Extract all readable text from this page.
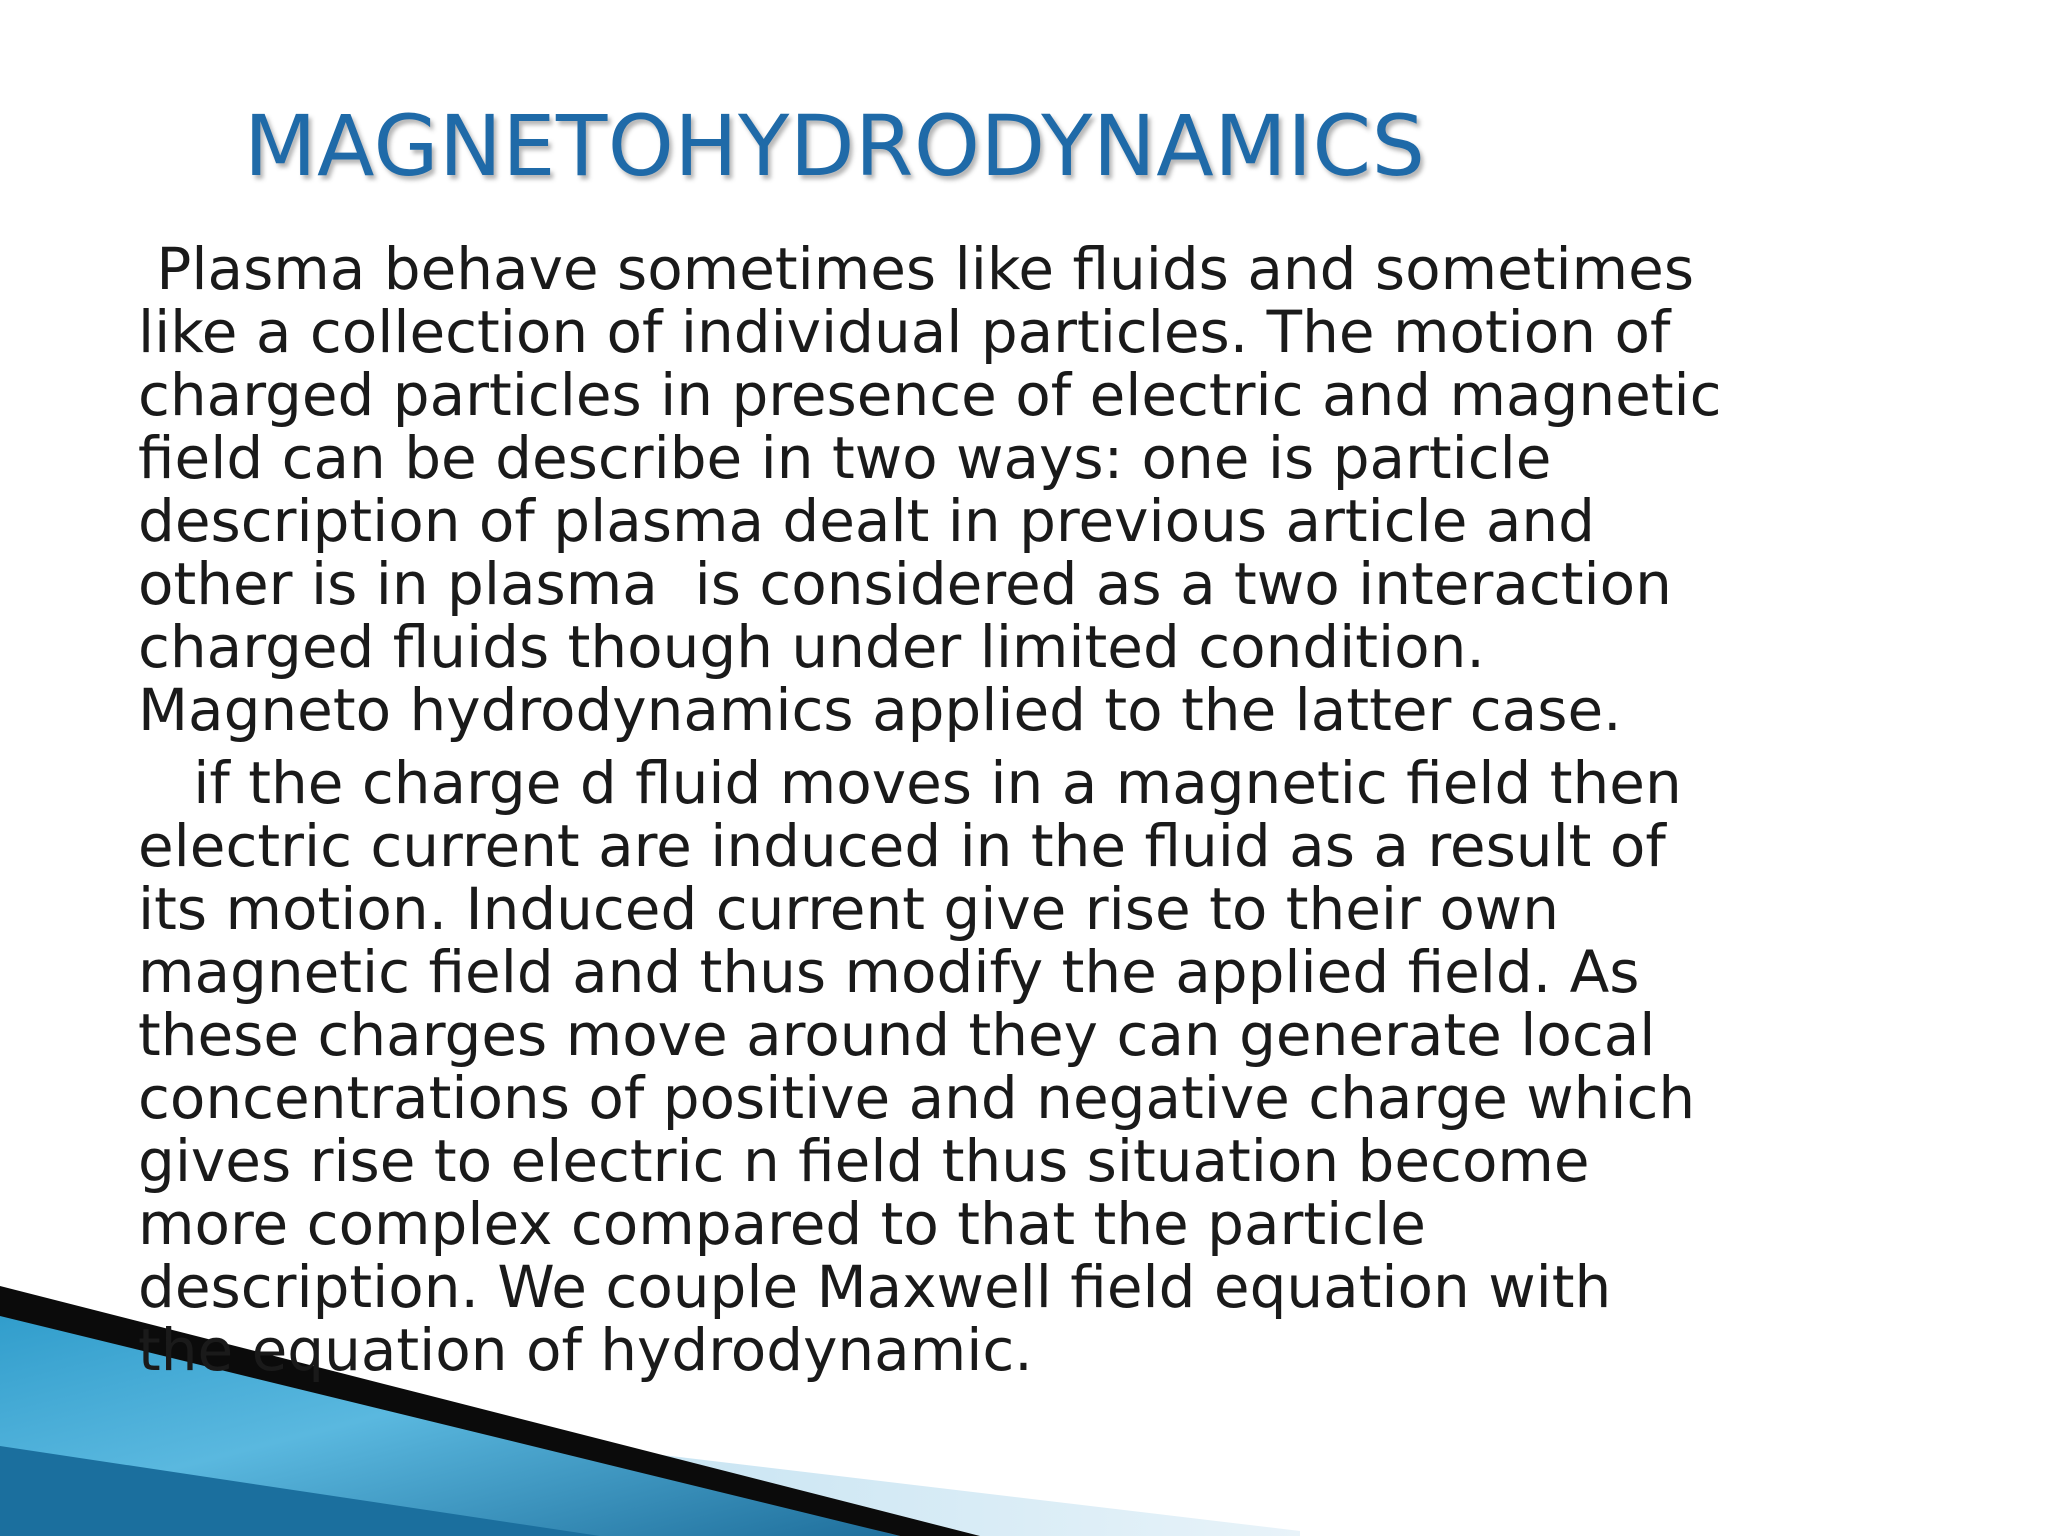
MAGNETOHYDRODYNAMICS

Plasma behave sometimes like fluids and sometimes

like a collection of individual particles. The motion of

charged particles in presence of electric and magnetic

field can be describe in two ways: one is particle

description of plasma dealt in previous article and

other is in plasma  is considered as a two interaction

charged fluids though under limited condition.

Magneto hydrodynamics applied to the latter case.

if the charge d fluid moves in a magnetic field then

electric current are induced in the fluid as a result of

its motion. Induced current give rise to their own

magnetic field and thus modify the applied field. As

these charges move around they can generate local

concentrations of positive and negative charge which

gives rise to electric n field thus situation become

more complex compared to that the particle

description. We couple Maxwell field equation with

the equation of hydrodynamic.
